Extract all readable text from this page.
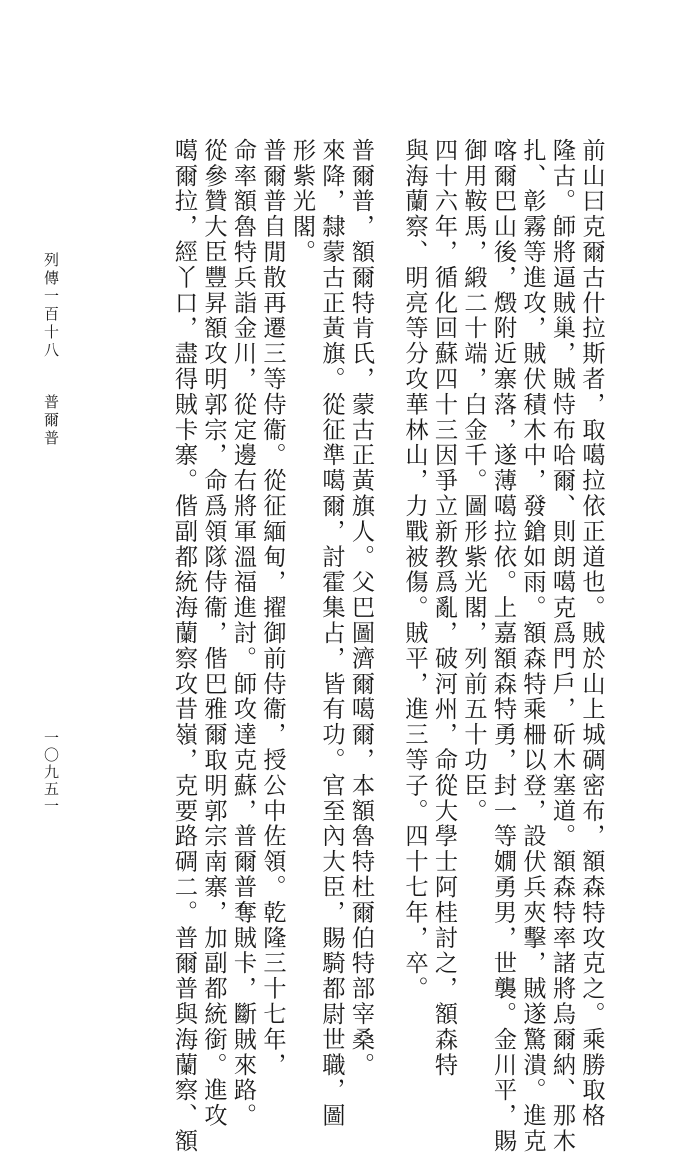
前山曰克爾古什拉斯者，取噶拉依正道也。賊於山上城碉密布，額森特攻克之。乘勝取格
隆古。師將逼賊巢，賊恃布哈爾、則朗噶克爲門戶，斫木塞道。額森特率諸將烏爾納、那木
扎、彰霧等進攻，賊伏積木中，發鎗如雨。額森特乘柵以登，設伏兵夾擊，賊遂驚潰。進克
喀爾巴山後，燬附近寨落，遂薄噶拉依。上嘉額森特勇，封一等嫺勇男，世襲。金川平，賜
御用鞍馬，緞二十端，白金千。圖形紫光閣，列前五十功臣。
四十六年，循化回蘇四十三因爭立新教爲亂，破河州，命從大學士阿桂討之，額森特
與海蘭察、明亮等分攻華林山，力戰被傷。賊平，進三等子。四十七年，卒。
普爾普，額爾特肯氏，蒙古正黃旗人。父巴圖濟爾噶爾，本額魯特杜爾伯特部宰桑。
來降，隸蒙古正黃旗。從征準噶爾，討霍集占，皆有功。官至內大臣，賜騎都尉世職，圖
形紫光閣。
普爾普自閒散再遷三等侍衞。從征緬甸，擢御前侍衞，授公中佐領。乾隆三十七年，
命率額魯特兵詣金川，從定邊右將軍溫福進討。師攻達克蘇，普爾普奪賊卡，斷賊來路。
從參贊大臣豐昇額攻明郭宗，命爲領隊侍衞，偕巴雅爾取明郭宗南寨，加副都統銜。進攻
噶爾拉，經丫口，盡得賊卡寨。偕副都統海蘭察攻昔嶺，克要路碉二。普爾普與海蘭察、額
列傳一百十八普爾普
一〇九五一
